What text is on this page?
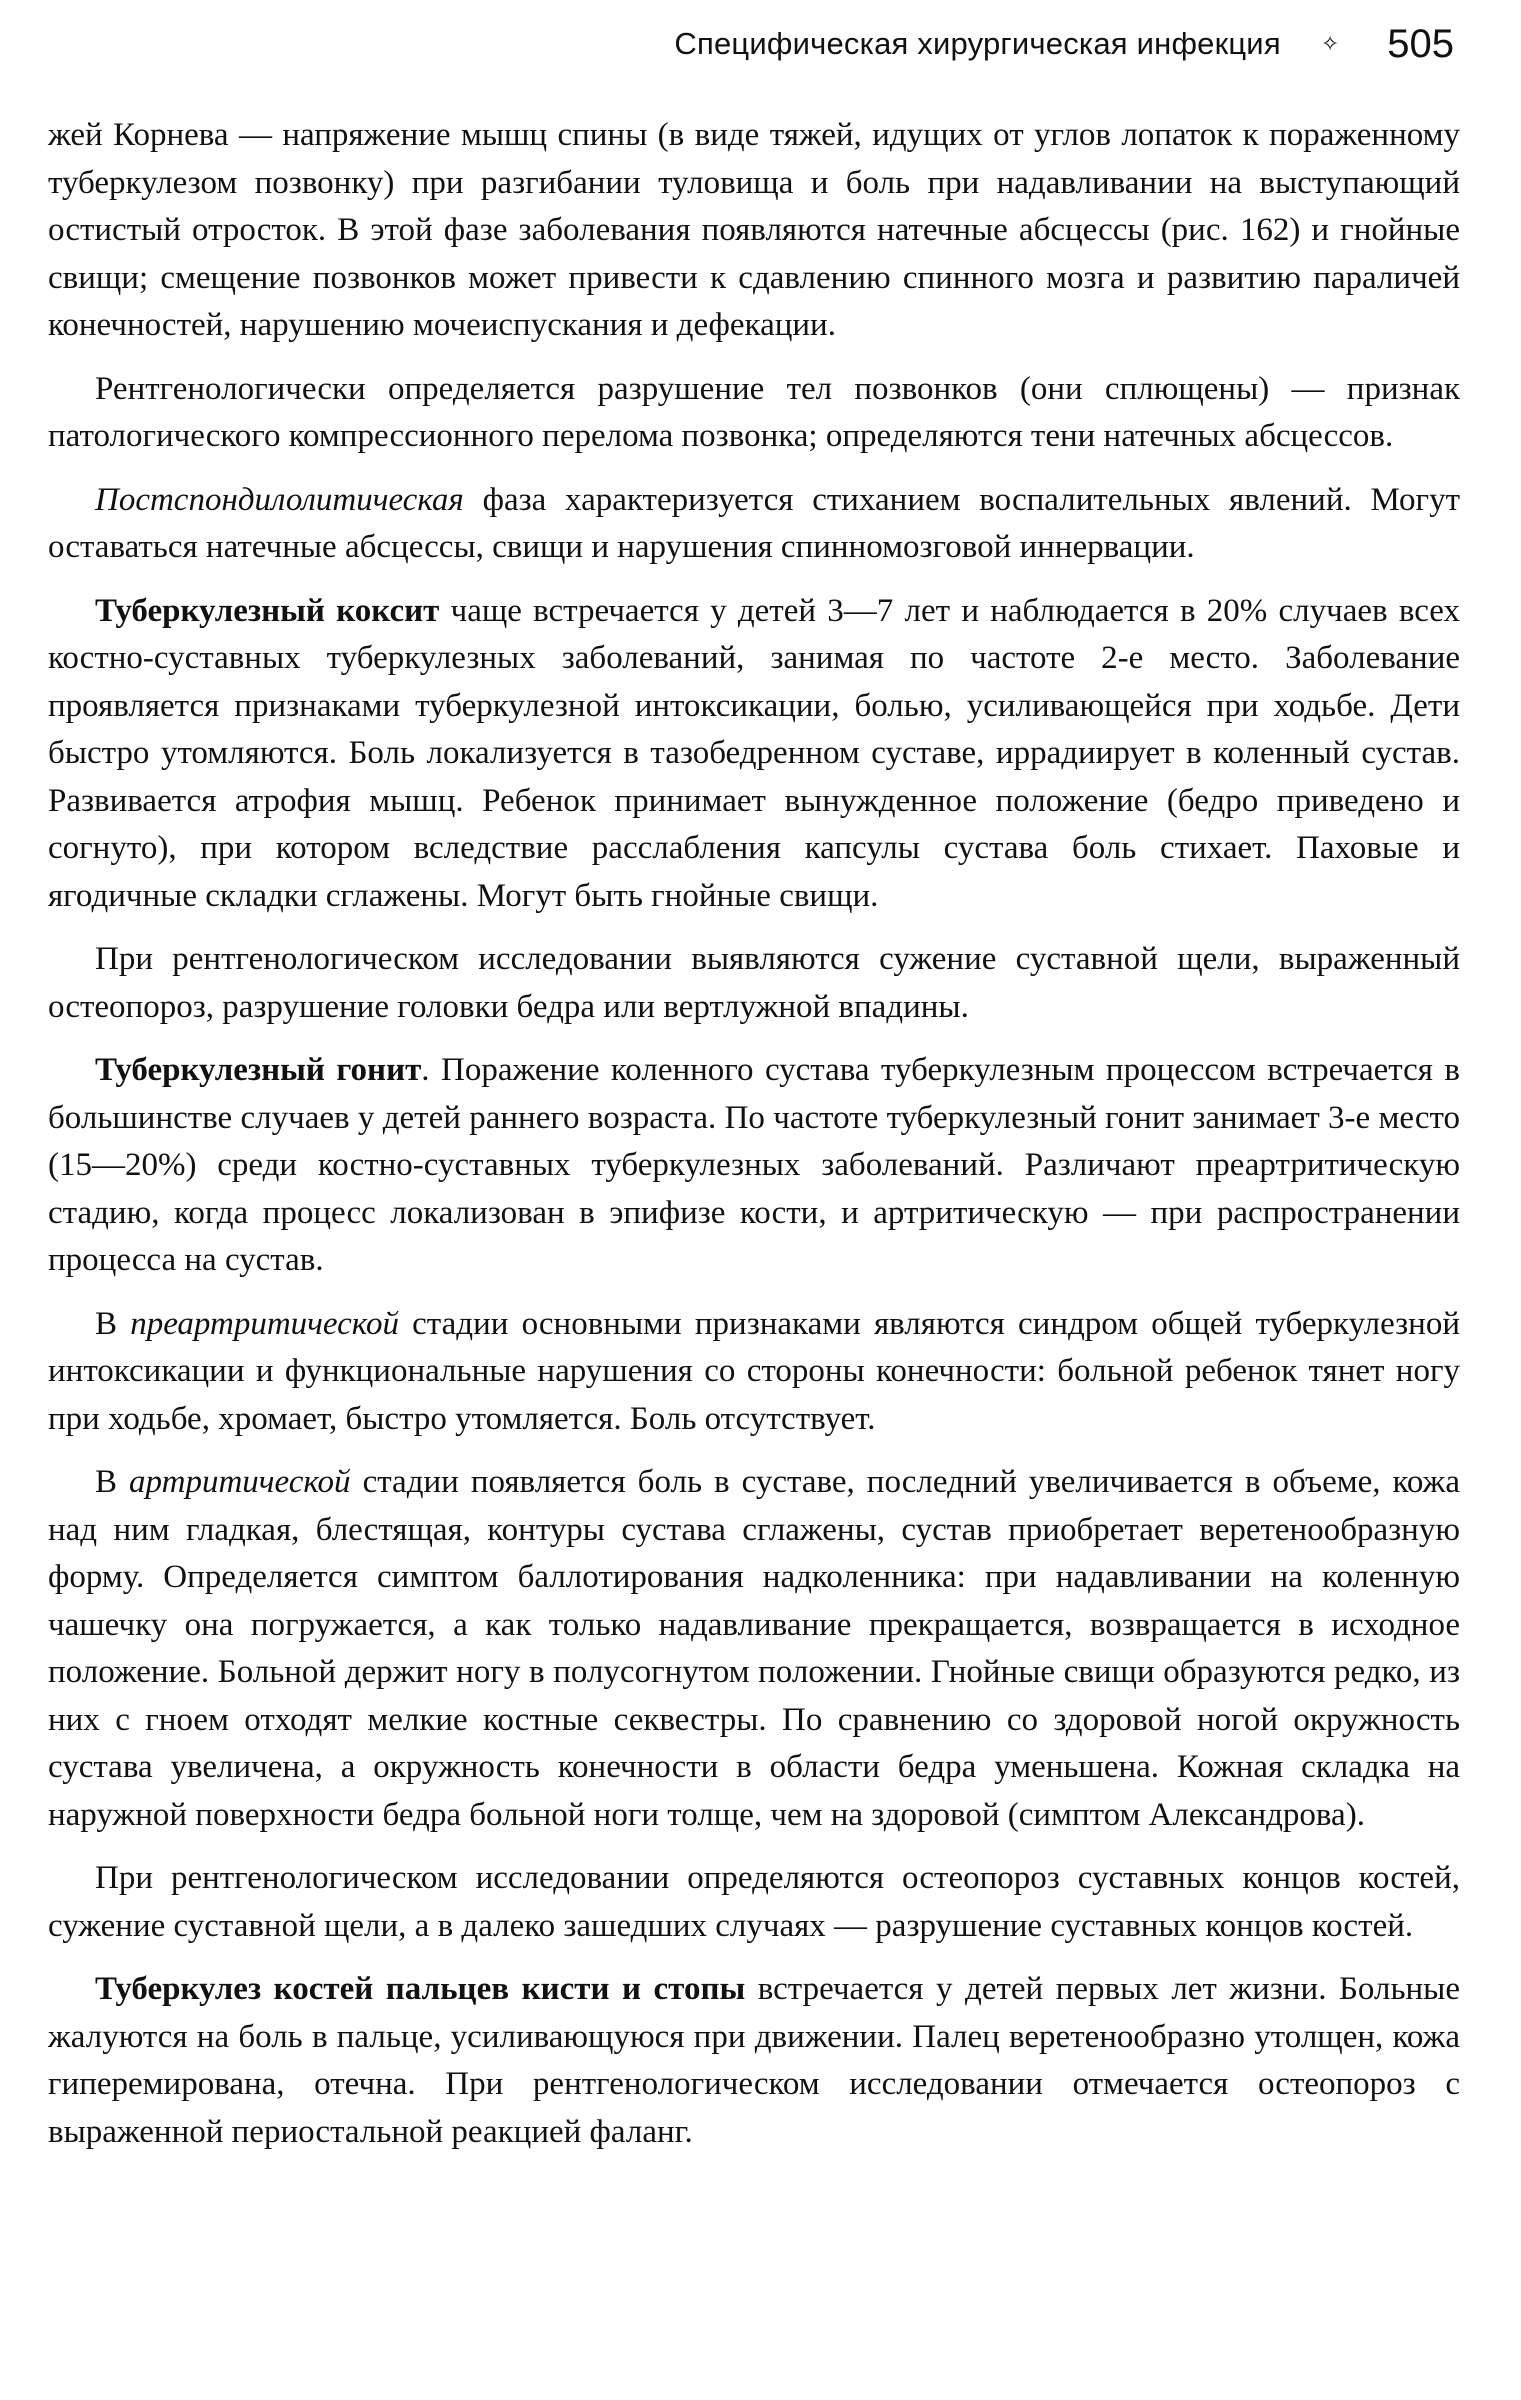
Специфическая хирургическая инфекция ✧ 505

жей Корнева — напряжение мышц спины (в виде тяжей, идущих от углов лопаток к пораженному туберкулезом позвонку) при разгибании туловища и боль при надавливании на выступающий остистый отросток. В этой фазе заболевания появляются натечные абсцессы (рис. 162) и гнойные свищи; смещение позвонков может привести к сдавлению спинного мозга и развитию параличей конечностей, нарушению мочеиспускания и дефекации.

Рентгенологически определяется разрушение тел позвонков (они сплющены) — признак патологического компрессионного перелома позвонка; определяются тени натечных абсцессов.

Постспондилолитическая фаза характеризуется стиханием воспалительных явлений. Могут оставаться натечные абсцессы, свищи и нарушения спинномозговой иннервации.

Туберкулезный коксит чаще встречается у детей 3—7 лет и наблюдается в 20% случаев всех костно-суставных туберкулезных заболеваний, занимая по частоте 2-е место. Заболевание проявляется признаками туберкулезной интоксикации, болью, усиливающейся при ходьбе. Дети быстро утомляются. Боль локализуется в тазобедренном суставе, иррадиирует в коленный сустав. Развивается атрофия мышц. Ребенок принимает вынужденное положение (бедро приведено и согнуто), при котором вследствие расслабления капсулы сустава боль стихает. Паховые и ягодичные складки сглажены. Могут быть гнойные свищи.

При рентгенологическом исследовании выявляются сужение суставной щели, выраженный остеопороз, разрушение головки бедра или вертлужной впадины.

Туберкулезный гонит. Поражение коленного сустава туберкулезным процессом встречается в большинстве случаев у детей раннего возраста. По частоте туберкулезный гонит занимает 3-е место (15—20%) среди костно-суставных туберкулезных заболеваний. Различают преартритическую стадию, когда процесс локализован в эпифизе кости, и артритическую — при распространении процесса на сустав.

В преартритической стадии основными признаками являются синдром общей туберкулезной интоксикации и функциональные нарушения со стороны конечности: больной ребенок тянет ногу при ходьбе, хромает, быстро утомляется. Боль отсутствует.

В артритической стадии появляется боль в суставе, последний увеличивается в объеме, кожа над ним гладкая, блестящая, контуры сустава сглажены, сустав приобретает веретенообразную форму. Определяется симптом баллотирования надколенника: при надавливании на коленную чашечку она погружается, а как только надавливание прекращается, возвращается в исходное положение. Больной держит ногу в полусогнутом положении. Гнойные свищи образуются редко, из них с гноем отходят мелкие костные секвестры. По сравнению со здоровой ногой окружность сустава увеличена, а окружность конечности в области бедра уменьшена. Кожная складка на наружной поверхности бедра больной ноги толще, чем на здоровой (симптом Александрова).

При рентгенологическом исследовании определяются остеопороз суставных концов костей, сужение суставной щели, а в далеко зашедших случаях — разрушение суставных концов костей.

Туберкулез костей пальцев кисти и стопы встречается у детей первых лет жизни. Больные жалуются на боль в пальце, усиливающуюся при движении. Палец веретенообразно утолщен, кожа гиперемирована, отечна. При рентгенологическом исследовании отмечается остеопороз с выраженной периостальной реакцией фаланг.
